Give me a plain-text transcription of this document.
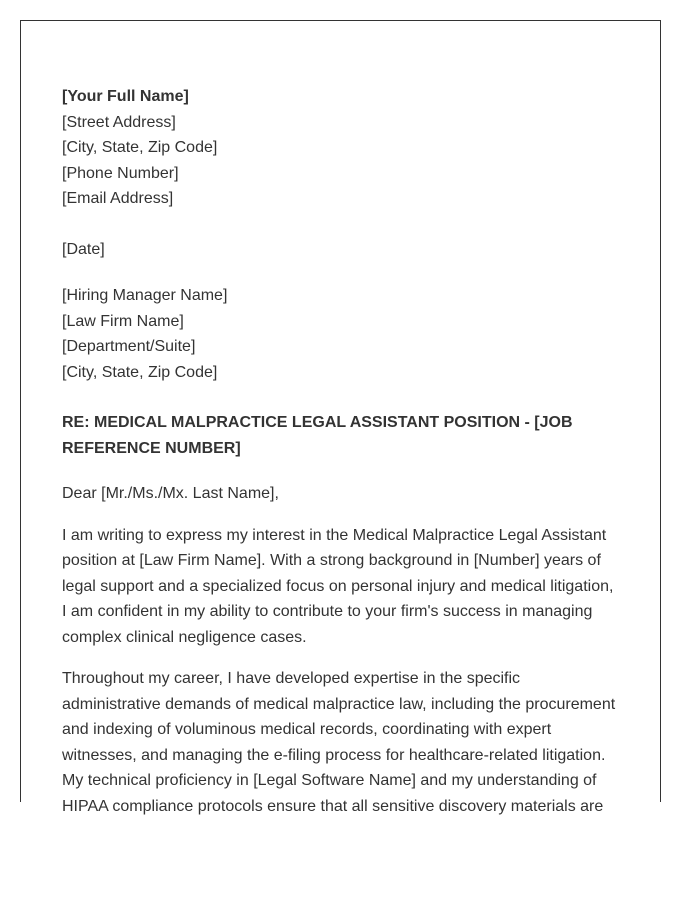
[Your Full Name]
[Street Address]
[City, State, Zip Code]
[Phone Number]
[Email Address]
[Date]
[Hiring Manager Name]
[Law Firm Name]
[Department/Suite]
[City, State, Zip Code]
RE: MEDICAL MALPRACTICE LEGAL ASSISTANT POSITION - [JOB REFERENCE NUMBER]
Dear [Mr./Ms./Mx. Last Name],

I am writing to express my interest in the Medical Malpractice Legal Assistant position at [Law Firm Name]. With a strong background in [Number] years of legal support and a specialized focus on personal injury and medical litigation, I am confident in my ability to contribute to your firm's success in managing complex clinical negligence cases.

Throughout my career, I have developed expertise in the specific administrative demands of medical malpractice law, including the procurement and indexing of voluminous medical records, coordinating with expert witnesses, and managing the e-filing process for healthcare-related litigation. My technical proficiency in [Legal Software Name] and my understanding of HIPAA compliance protocols ensure that all sensitive discovery materials are
